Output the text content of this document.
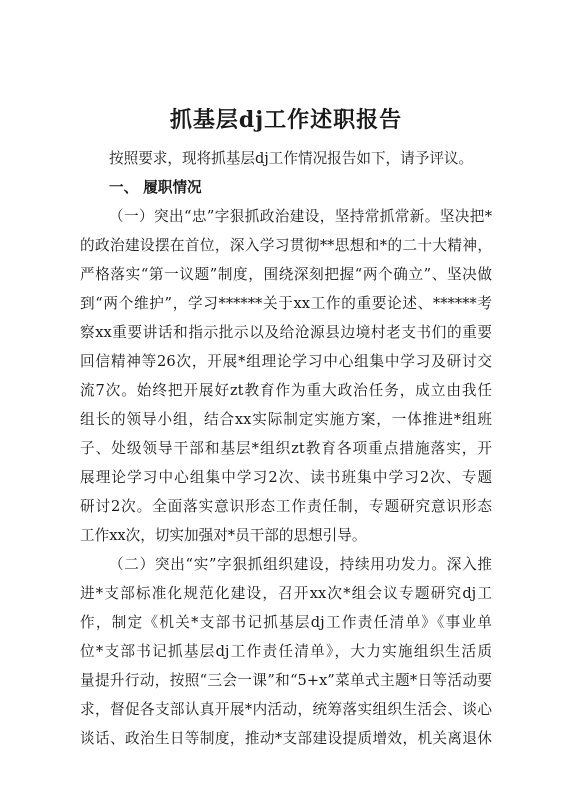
抓基层dj工作述职报告
按照要求，现将抓基层dj工作情况报告如下，请予评议。
一、 履职情况
（一）突出“忠”字狠抓政治建设，坚持常抓常新。坚决把*
的政治建设摆在首位，深入学习贯彻**思想和*的二十大精神，
严格落实“第一议题”制度，围绕深刻把握“两个确立”、坚决做
到“两个维护”，学习******关于xx工作的重要论述、******考
察xx重要讲话和指示批示以及给沧源县边境村老支书们的重要
回信精神等26次，开展*组理论学习中心组集中学习及研讨交
流7次。始终把开展好zt教育作为重大政治任务，成立由我任
组长的领导小组，结合xx实际制定实施方案，一体推进*组班
子、处级领导干部和基层*组织zt教育各项重点措施落实，开
展理论学习中心组集中学习2次、读书班集中学习2次、专题
研讨2次。全面落实意识形态工作责任制，专题研究意识形态
工作xx次，切实加强对*员干部的思想引导。
（二）突出“实”字狠抓组织建设，持续用功发力。深入推
进*支部标准化规范化建设，召开xx次*组会议专题研究dj工
作，制定《机关*支部书记抓基层dj工作责任清单》《事业单
位*支部书记抓基层dj工作责任清单》，大力实施组织生活质
量提升行动，按照“三会一课”和“5+x”菜单式主题*日等活动要
求，督促各支部认真开展*内活动，统筹落实组织生活会、谈心
谈话、政治生日等制度，推动*支部建设提质增效，机关离退休
